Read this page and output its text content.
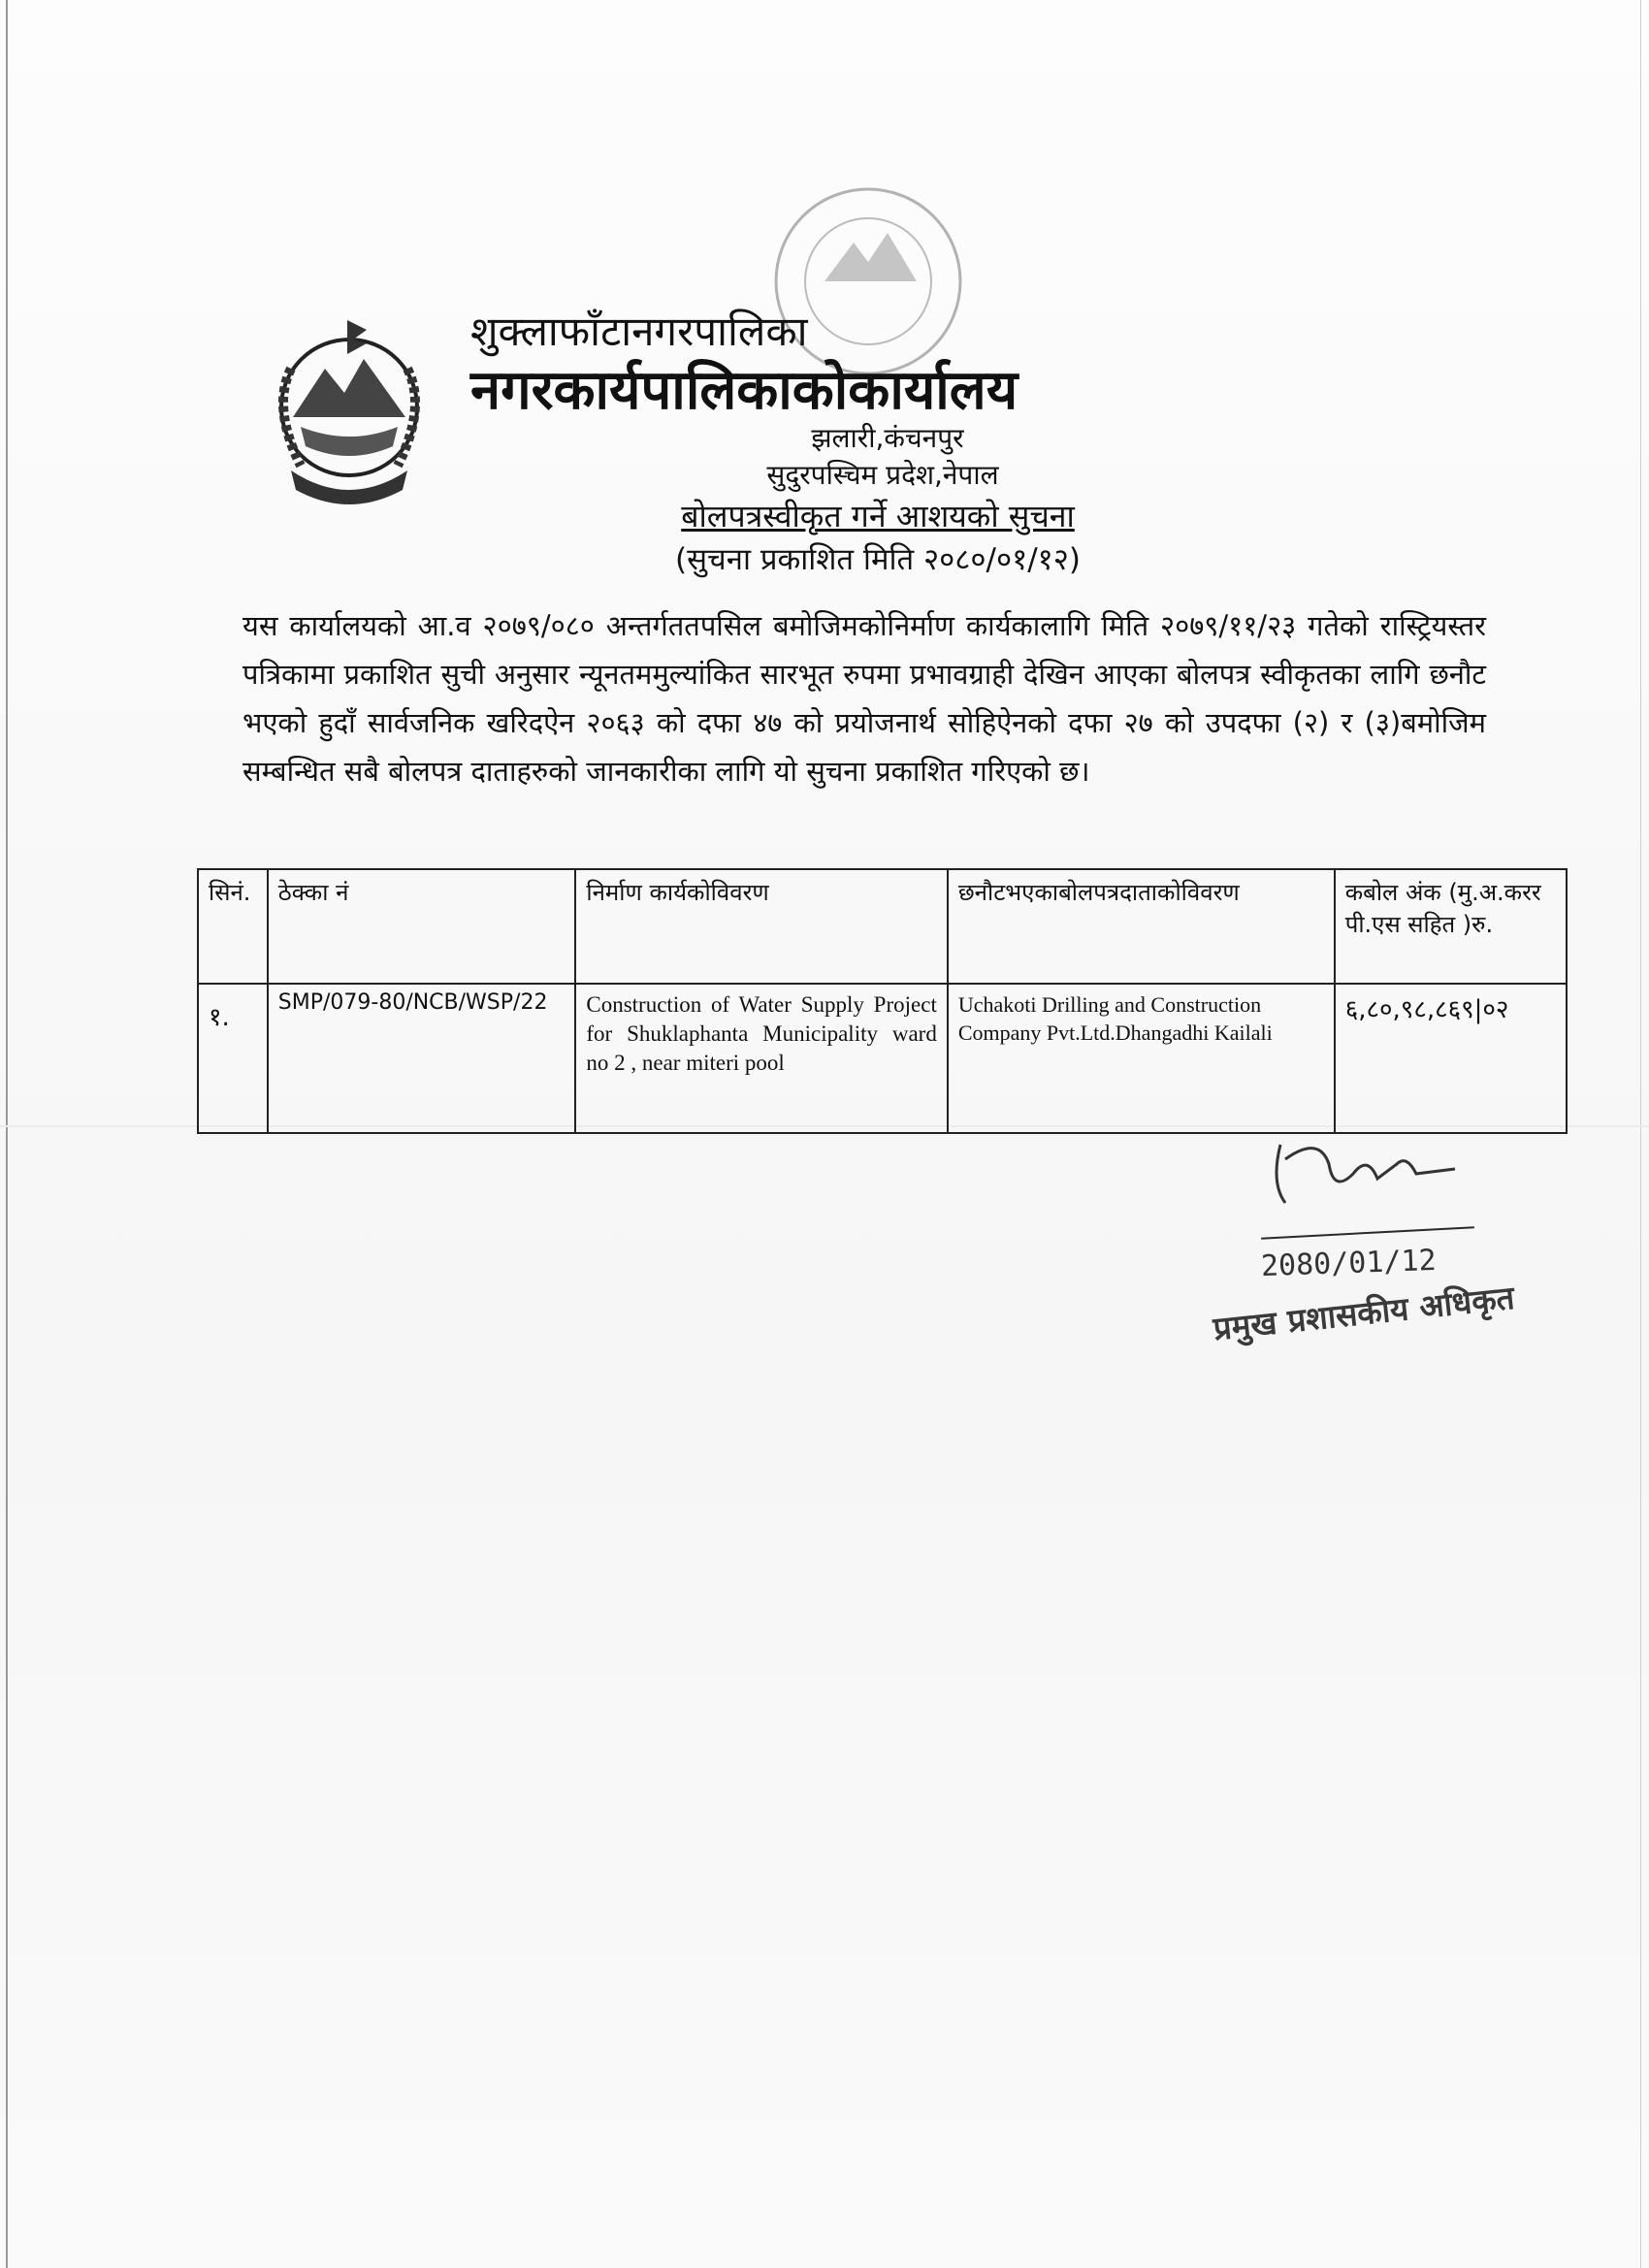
शुक्लाफाँटानगरपालिका
नगरकार्यपालिकाकोकार्यालय
झलारी,कंचनपुर
सुदुरपस्चिम प्रदेश,नेपाल
बोलपत्रस्वीकृत गर्ने आशयको सुचना
(सुचना प्रकाशित मिति २०८०/०१/१२)
यस कार्यालयको आ.व २०७९/०८० अन्तर्गततपसिल बमोजिमकोनिर्माण कार्यकालागि मिति २०७९/११/२३ गतेको रास्ट्रियस्तर पत्रिकामा प्रकाशित सुची अनुसार न्यूनतममुल्यांकित सारभूत रुपमा प्रभावग्राही देखिन आएका बोलपत्र स्वीकृतका लागि छनौट भएको हुदाँ सार्वजनिक खरिदऐन २०६३ को दफा ४७ को प्रयोजनार्थ सोहिऐनको दफा २७ को उपदफा (२) र (३)बमोजिम सम्बन्धित सबै बोलपत्र दाताहरुको जानकारीका लागि यो सुचना प्रकाशित गरिएको छ।
सिनं.	ठेक्का नं	निर्माण कार्यकोविवरण	छनौटभएकाबोलपत्रदाताकोविवरण	कबोल अंक (मु.अ.करर पी.एस सहित )रु.
१.	SMP/079-80/NCB/WSP/22	Construction of Water Supply Project for Shuklaphanta Municipality ward no 2 , near miteri pool	Uchakoti Drilling and Construction Company Pvt.Ltd.Dhangadhi Kailali	६,८०,९८,८६९|०२
2080/01/12
प्रमुख प्रशासकीय अधिकृत
